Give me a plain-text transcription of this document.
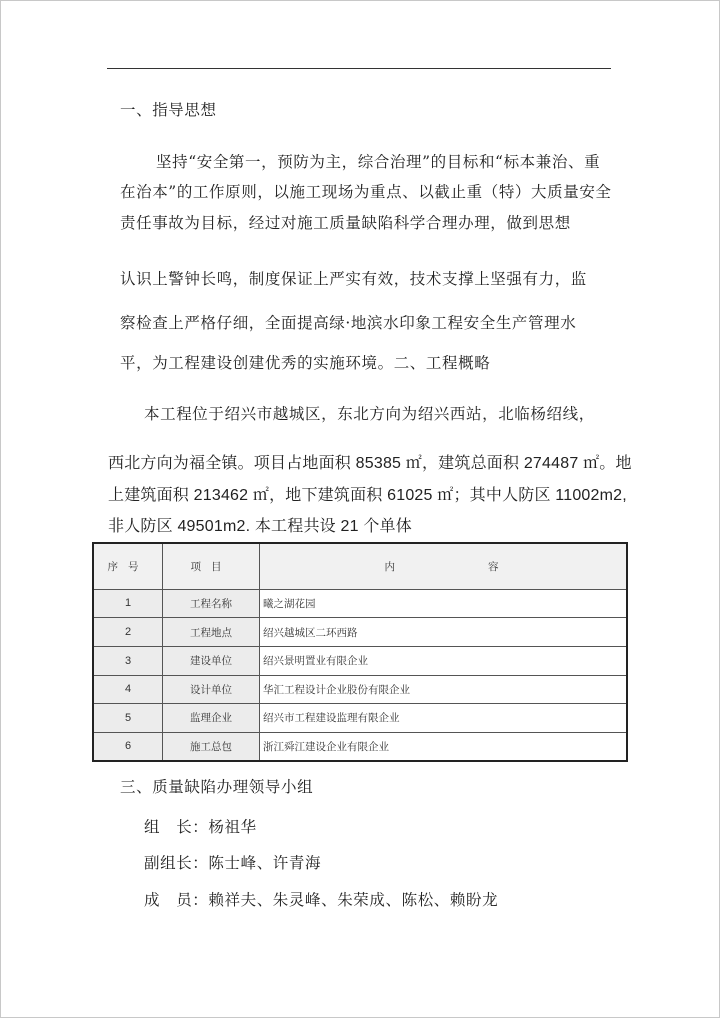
一、指导思想
坚持“安全第一，预防为主，综合治理”的目标和“标本兼治、重
在治本”的工作原则，以施工现场为重点、以截止重（特）大质量安全
责任事故为目标，经过对施工质量缺陷科学合理办理，做到思想
认识上警钟长鸣，制度保证上严实有效，技术支撑上坚强有力，监
察检查上严格仔细，全面提高绿·地滨水印象工程安全生产管理水
平，为工程建设创建优秀的实施环境。二、工程概略
本工程位于绍兴市越城区，东北方向为绍兴西站，北临杨绍线，
西北方向为福全镇。项目占地面积 85385 ㎡，建筑总面积 274487 ㎡。地
上建筑面积 213462 ㎡，地下建筑面积 61025 ㎡；其中人防区 11002m2,
非人防区 49501m2. 本工程共设 21 个单体
序号	项目	内 容
1	工程名称	曦之湖花园
2	工程地点	绍兴越城区二环西路
3	建设单位	绍兴景明置业有限企业
4	设计单位	华汇工程设计企业股份有限企业
5	监理企业	绍兴市工程建设监理有限企业
6	施工总包	浙江舜江建设企业有限企业
三、质量缺陷办理领导小组
组　长：杨祖华
副组长：陈士峰、许青海
成　员：赖祥夫、朱灵峰、朱荣成、陈松、赖盼龙
